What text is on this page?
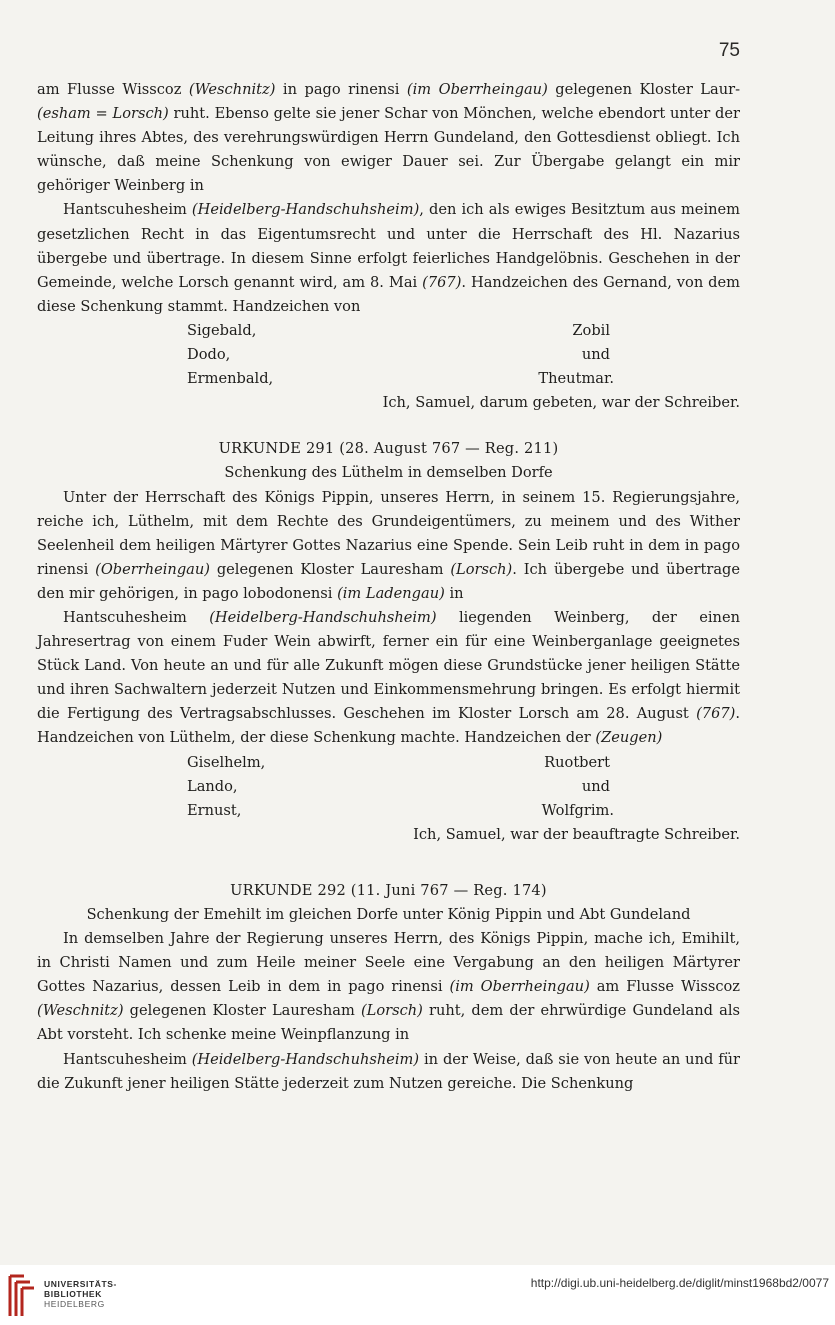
75

am Flusse Wisscoz (Weschnitz) in pago rinensi (im Oberrheingau) gelegenen Kloster Laur- (esham = Lorsch) ruht. Ebenso gelte sie jener Schar von Mönchen, welche ebendort unter der Leitung ihres Abtes, des verehrungswürdigen Herrn Gundeland, den Gottesdienst obliegt. Ich wünsche, daß meine Schenkung von ewiger Dauer sei. Zur Übergabe gelangt ein mir gehöriger Weinberg in

Hantscuhesheim (Heidelberg-Handschuhsheim), den ich als ewiges Besitztum aus meinem gesetzlichen Recht in das Eigentumsrecht und unter die Herrschaft des Hl. Nazarius übergebe und übertrage. In diesem Sinne erfolgt feierliches Handgelöbnis. Geschehen in der Gemeinde, welche Lorsch genannt wird, am 8. Mai (767). Handzeichen des Gernand, von dem diese Schenkung stammt. Handzeichen von

Sigebald,	Zobil
Dodo,	und
Ermenbald,	Theutmar.

Ich, Samuel, darum gebeten, war der Schreiber.

URKUNDE 291 (28. August 767 — Reg. 211)

Schenkung des Lüthelm in demselben Dorfe

Unter der Herrschaft des Königs Pippin, unseres Herrn, in seinem 15. Regierungsjahre, reiche ich, Lüthelm, mit dem Rechte des Grundeigentümers, zu meinem und des Wither Seelenheil dem heiligen Märtyrer Gottes Nazarius eine Spende. Sein Leib ruht in dem in pago rinensi (Oberrheingau) gelegenen Kloster Lauresham (Lorsch). Ich übergebe und übertrage den mir gehörigen, in pago lobodonensi (im Ladengau) in

Hantscuhesheim (Heidelberg-Handschuhsheim) liegenden Weinberg, der einen Jahresertrag von einem Fuder Wein abwirft, ferner ein für eine Weinberganlage geeignetes Stück Land. Von heute an und für alle Zukunft mögen diese Grundstücke jener heiligen Stätte und ihren Sachwaltern jederzeit Nutzen und Einkommensmehrung bringen. Es erfolgt hiermit die Fertigung des Vertragsabschlusses. Geschehen im Kloster Lorsch am 28. August (767). Handzeichen von Lüthelm, der diese Schenkung machte. Handzeichen der (Zeugen)

Giselhelm,	Ruotbert
Lando,	und
Ernust,	Wolfgrim.

Ich, Samuel, war der beauftragte Schreiber.

URKUNDE 292 (11. Juni 767 — Reg. 174)

Schenkung der Emehilt im gleichen Dorfe unter König Pippin und Abt Gundeland

In demselben Jahre der Regierung unseres Herrn, des Königs Pippin, mache ich, Emihilt, in Christi Namen und zum Heile meiner Seele eine Vergabung an den heiligen Märtyrer Gottes Nazarius, dessen Leib in dem in pago rinensi (im Oberrheingau) am Flusse Wisscoz (Weschnitz) gelegenen Kloster Lauresham (Lorsch) ruht, dem der ehrwürdige Gundeland als Abt vorsteht. Ich schenke meine Weinpflanzung in

Hantscuhesheim (Heidelberg-Handschuhsheim) in der Weise, daß sie von heute an und für die Zukunft jener heiligen Stätte jederzeit zum Nutzen gereiche. Die Schenkung

UNIVERSITÄTS-
BIBLIOTHEK
HEIDELBERG
http://digi.ub.uni-heidelberg.de/diglit/minst1968bd2/0077
